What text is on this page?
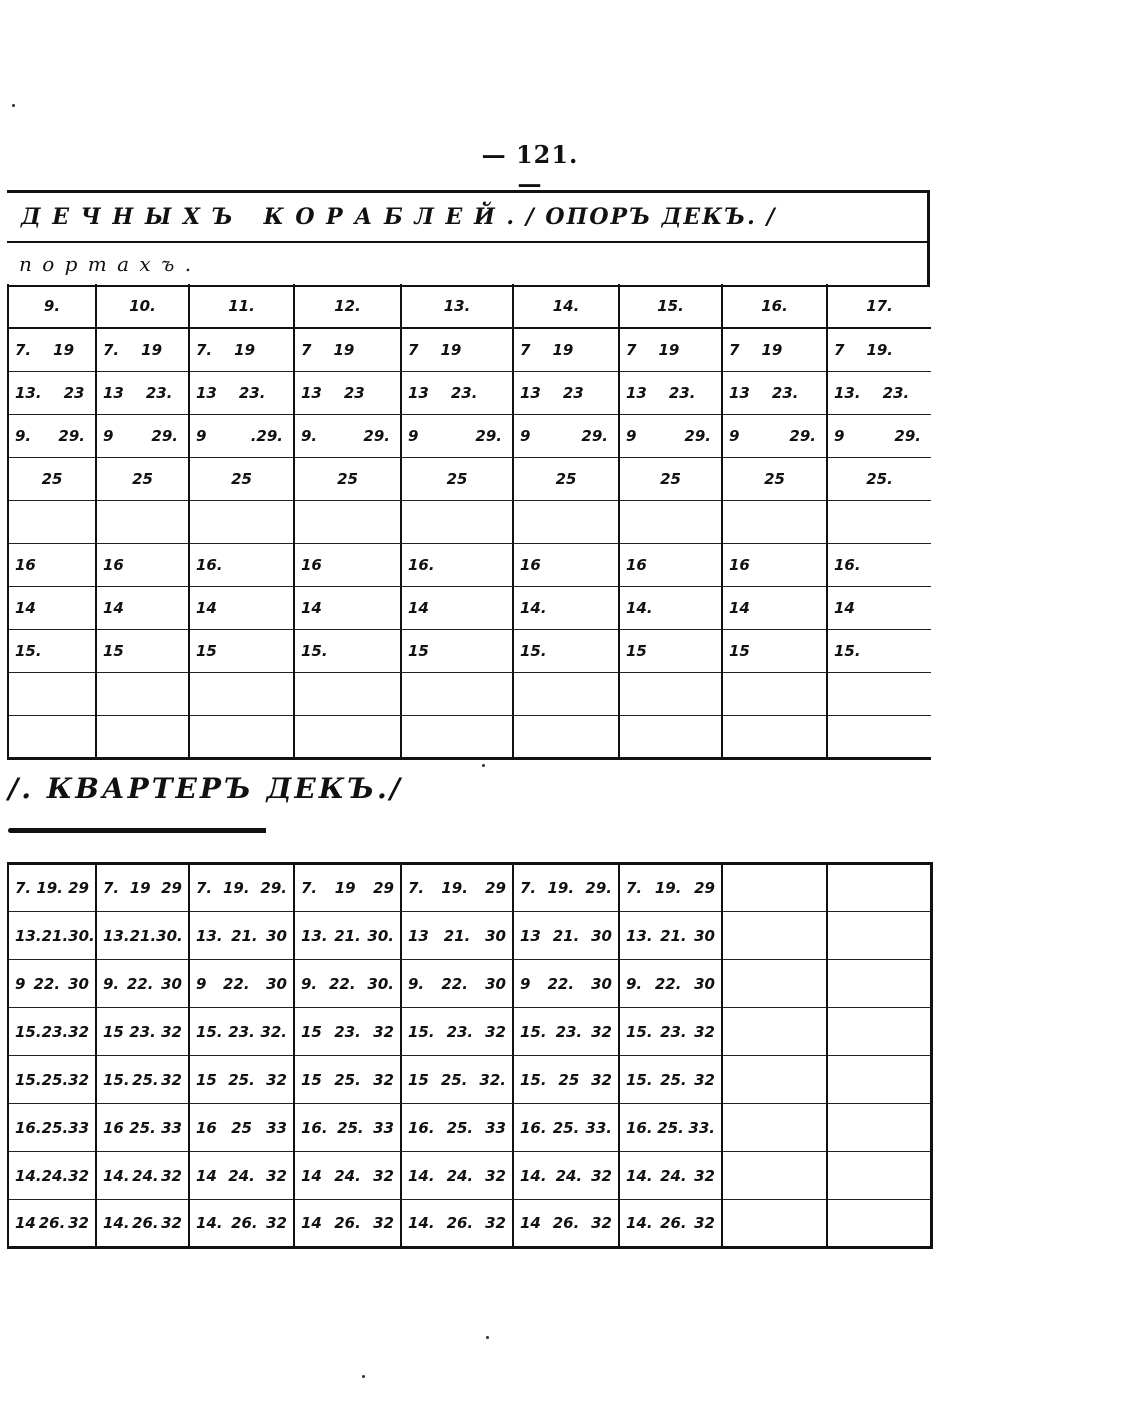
— 121. —
Д Е Ч Н Ы Х Ъ   К О Р А Б Л Е Й . / ОПОРЪ ДЕКЪ. /
п о р т а х ъ .
9.	10.	11.	12.	13.	14.	15.	16.	17.

7. 19	7. 19	7. 19	7 19	7 19	7 19	7 19	7 19	7 19.

13. 23	13 23.	13 23.	13 23	13 23.	13 23	13 23.	13 23.	13. 23.

9. 29.	9 29.	9 .29.	9. 29.	9 29.	9 29.	9 29.	9 29.	9 29.

25	25	25	25	25	25	25	25	25.

16	16	16.	16	16.	16	16	16	16.
14	14	14	14	14	14.	14.	14	14
15.	15	15	15.	15	15.	15	15	15.

/. КВАРТЕРЪ ДЕКЪ./
7. 19. 29	7. 19 29	7. 19. 29.	7. 19 29	7. 19. 29	7. 19. 29.	7. 19. 29		

13. 21. 30.	13. 21. 30.	13. 21. 30	13. 21. 30.	13 21. 30	13 21. 30	13. 21. 30		

9 22. 30	9. 22. 30	9 22. 30	9. 22. 30.	9. 22. 30	9 22. 30	9. 22. 30		

15. 23. 32	15 23. 32	15. 23. 32.	15 23. 32	15. 23. 32	15. 23. 32	15. 23. 32		

15. 25. 32	15. 25. 32	15 25. 32	15 25. 32	15 25. 32.	15. 25 32	15. 25. 32		

16. 25. 33	16 25. 33	16 25 33	16. 25. 33	16. 25. 33	16. 25. 33.	16. 25. 33.		

14. 24. 32	14. 24. 32	14 24. 32	14 24. 32	14. 24. 32	14. 24. 32	14. 24. 32		

14 26. 32	14. 26. 32	14. 26. 32	14 26. 32	14. 26. 32	14 26. 32	14. 26. 32		
